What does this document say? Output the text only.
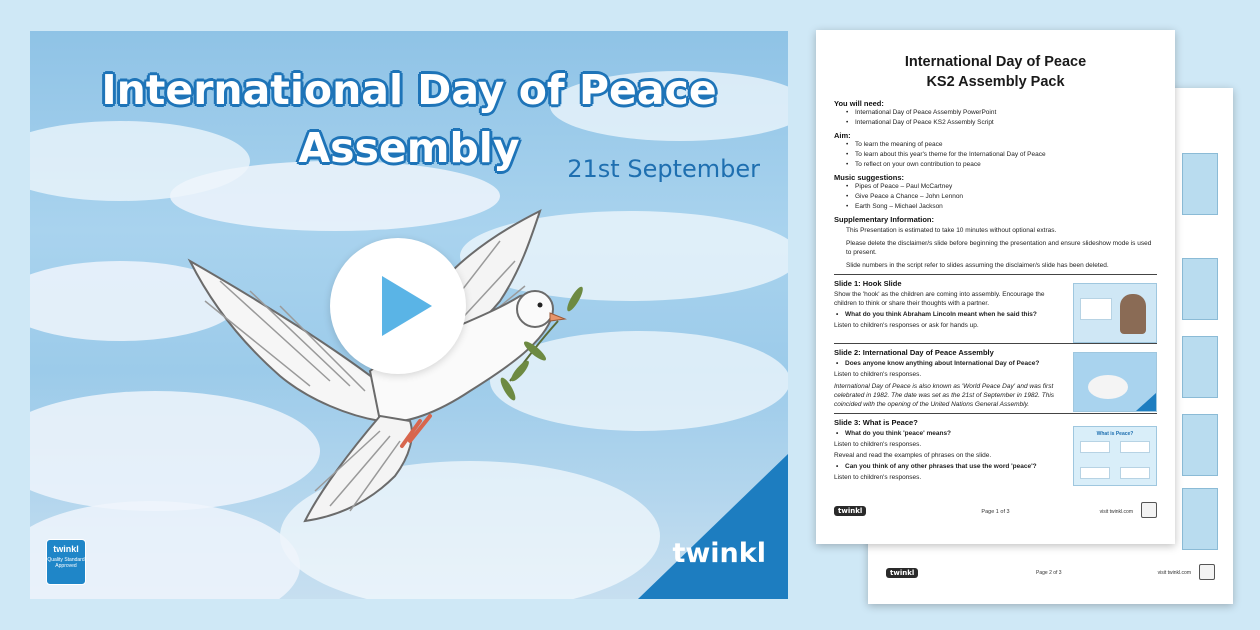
International Day of Peace Assembly	21st September
twinkl
twinkl
Quality Standard Approved
twinkl	Page 2 of 3	visit twinkl.com
International Day of Peace
KS2 Assembly Pack
You will need:
• International Day of Peace Assembly PowerPoint
• International Day of Peace KS2 Assembly Script
Aim:
• To learn the meaning of peace
• To learn about this year's theme for the International Day of Peace
• To reflect on your own contribution to peace
Music suggestions:
• Pipes of Peace – Paul McCartney
• Give Peace a Chance – John Lennon
• Earth Song – Michael Jackson
Supplementary Information:
This Presentation is estimated to take 10 minutes without optional extras.
Please delete the disclaimer/s slide before beginning the presentation and ensure slideshow mode is used to present.
Slide numbers in the script refer to slides assuming the disclaimer/s slide has been deleted.
Slide 1: Hook Slide
Show the 'hook' as the children are coming into assembly. Encourage the children to think or share their thoughts with a partner.
• What do you think Abraham Lincoln meant when he said this?
Listen to children's responses or ask for hands up.
Slide 2: International Day of Peace Assembly
• Does anyone know anything about International Day of Peace?
Listen to children's responses.
International Day of Peace is also known as 'World Peace Day' and was first celebrated in 1982. The date was set as the 21st of September in 1982. This coincided with the opening of the United Nations General Assembly.
Slide 3: What is Peace?
• What do you think 'peace' means?
Listen to children's responses.
Reveal and read the examples of phrases on the slide.
• Can you think of any other phrases that use the word 'peace'?
Listen to children's responses.
What is Peace?
twinkl	Page 1 of 3	visit twinkl.com
